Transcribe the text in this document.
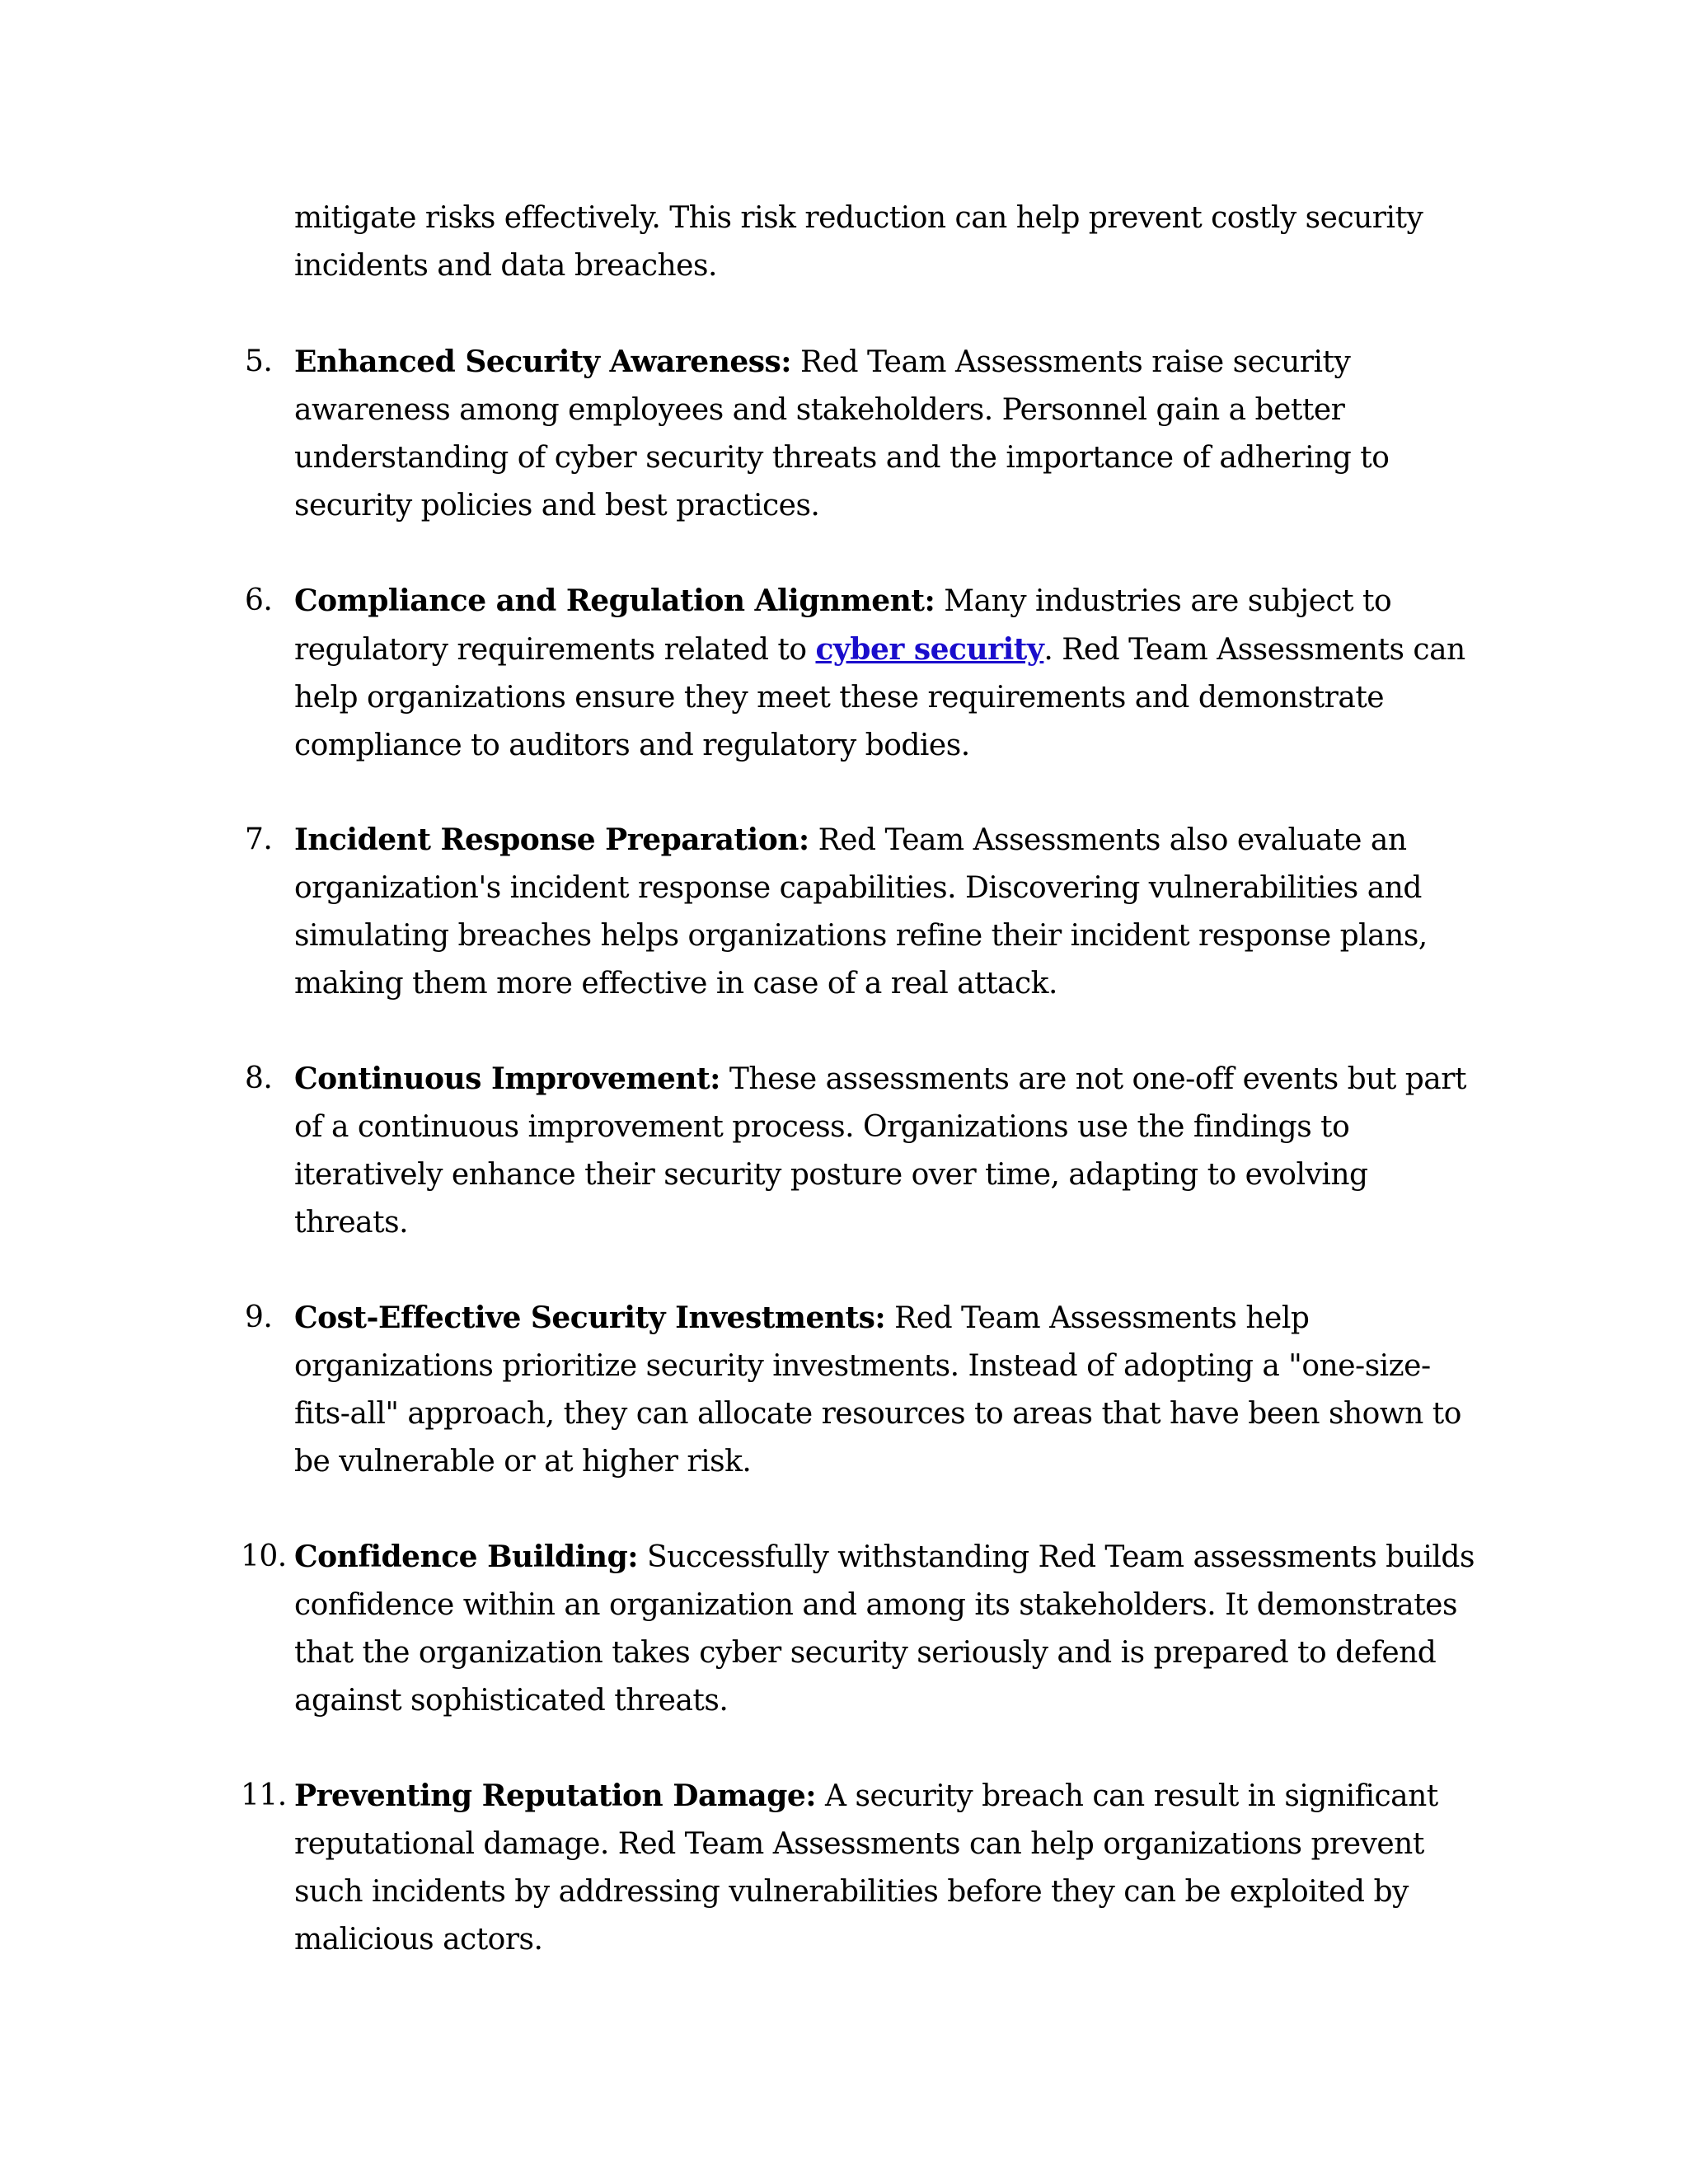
mitigate risks effectively. This risk reduction can help prevent costly security incidents and data breaches.

5. Enhanced Security Awareness: Red Team Assessments raise security awareness among employees and stakeholders. Personnel gain a better understanding of cyber security threats and the importance of adhering to security policies and best practices.
6. Compliance and Regulation Alignment: Many industries are subject to regulatory requirements related to cyber security. Red Team Assessments can help organizations ensure they meet these requirements and demonstrate compliance to auditors and regulatory bodies.
7. Incident Response Preparation: Red Team Assessments also evaluate an organization's incident response capabilities. Discovering vulnerabilities and simulating breaches helps organizations refine their incident response plans, making them more effective in case of a real attack.
8. Continuous Improvement: These assessments are not one-off events but part of a continuous improvement process. Organizations use the findings to iteratively enhance their security posture over time, adapting to evolving threats.
9. Cost-Effective Security Investments: Red Team Assessments help organizations prioritize security investments. Instead of adopting a "one-size-fits-all" approach, they can allocate resources to areas that have been shown to be vulnerable or at higher risk.
10. Confidence Building: Successfully withstanding Red Team assessments builds confidence within an organization and among its stakeholders. It demonstrates that the organization takes cyber security seriously and is prepared to defend against sophisticated threats.
11. Preventing Reputation Damage: A security breach can result in significant reputational damage. Red Team Assessments can help organizations prevent such incidents by addressing vulnerabilities before they can be exploited by malicious actors.
